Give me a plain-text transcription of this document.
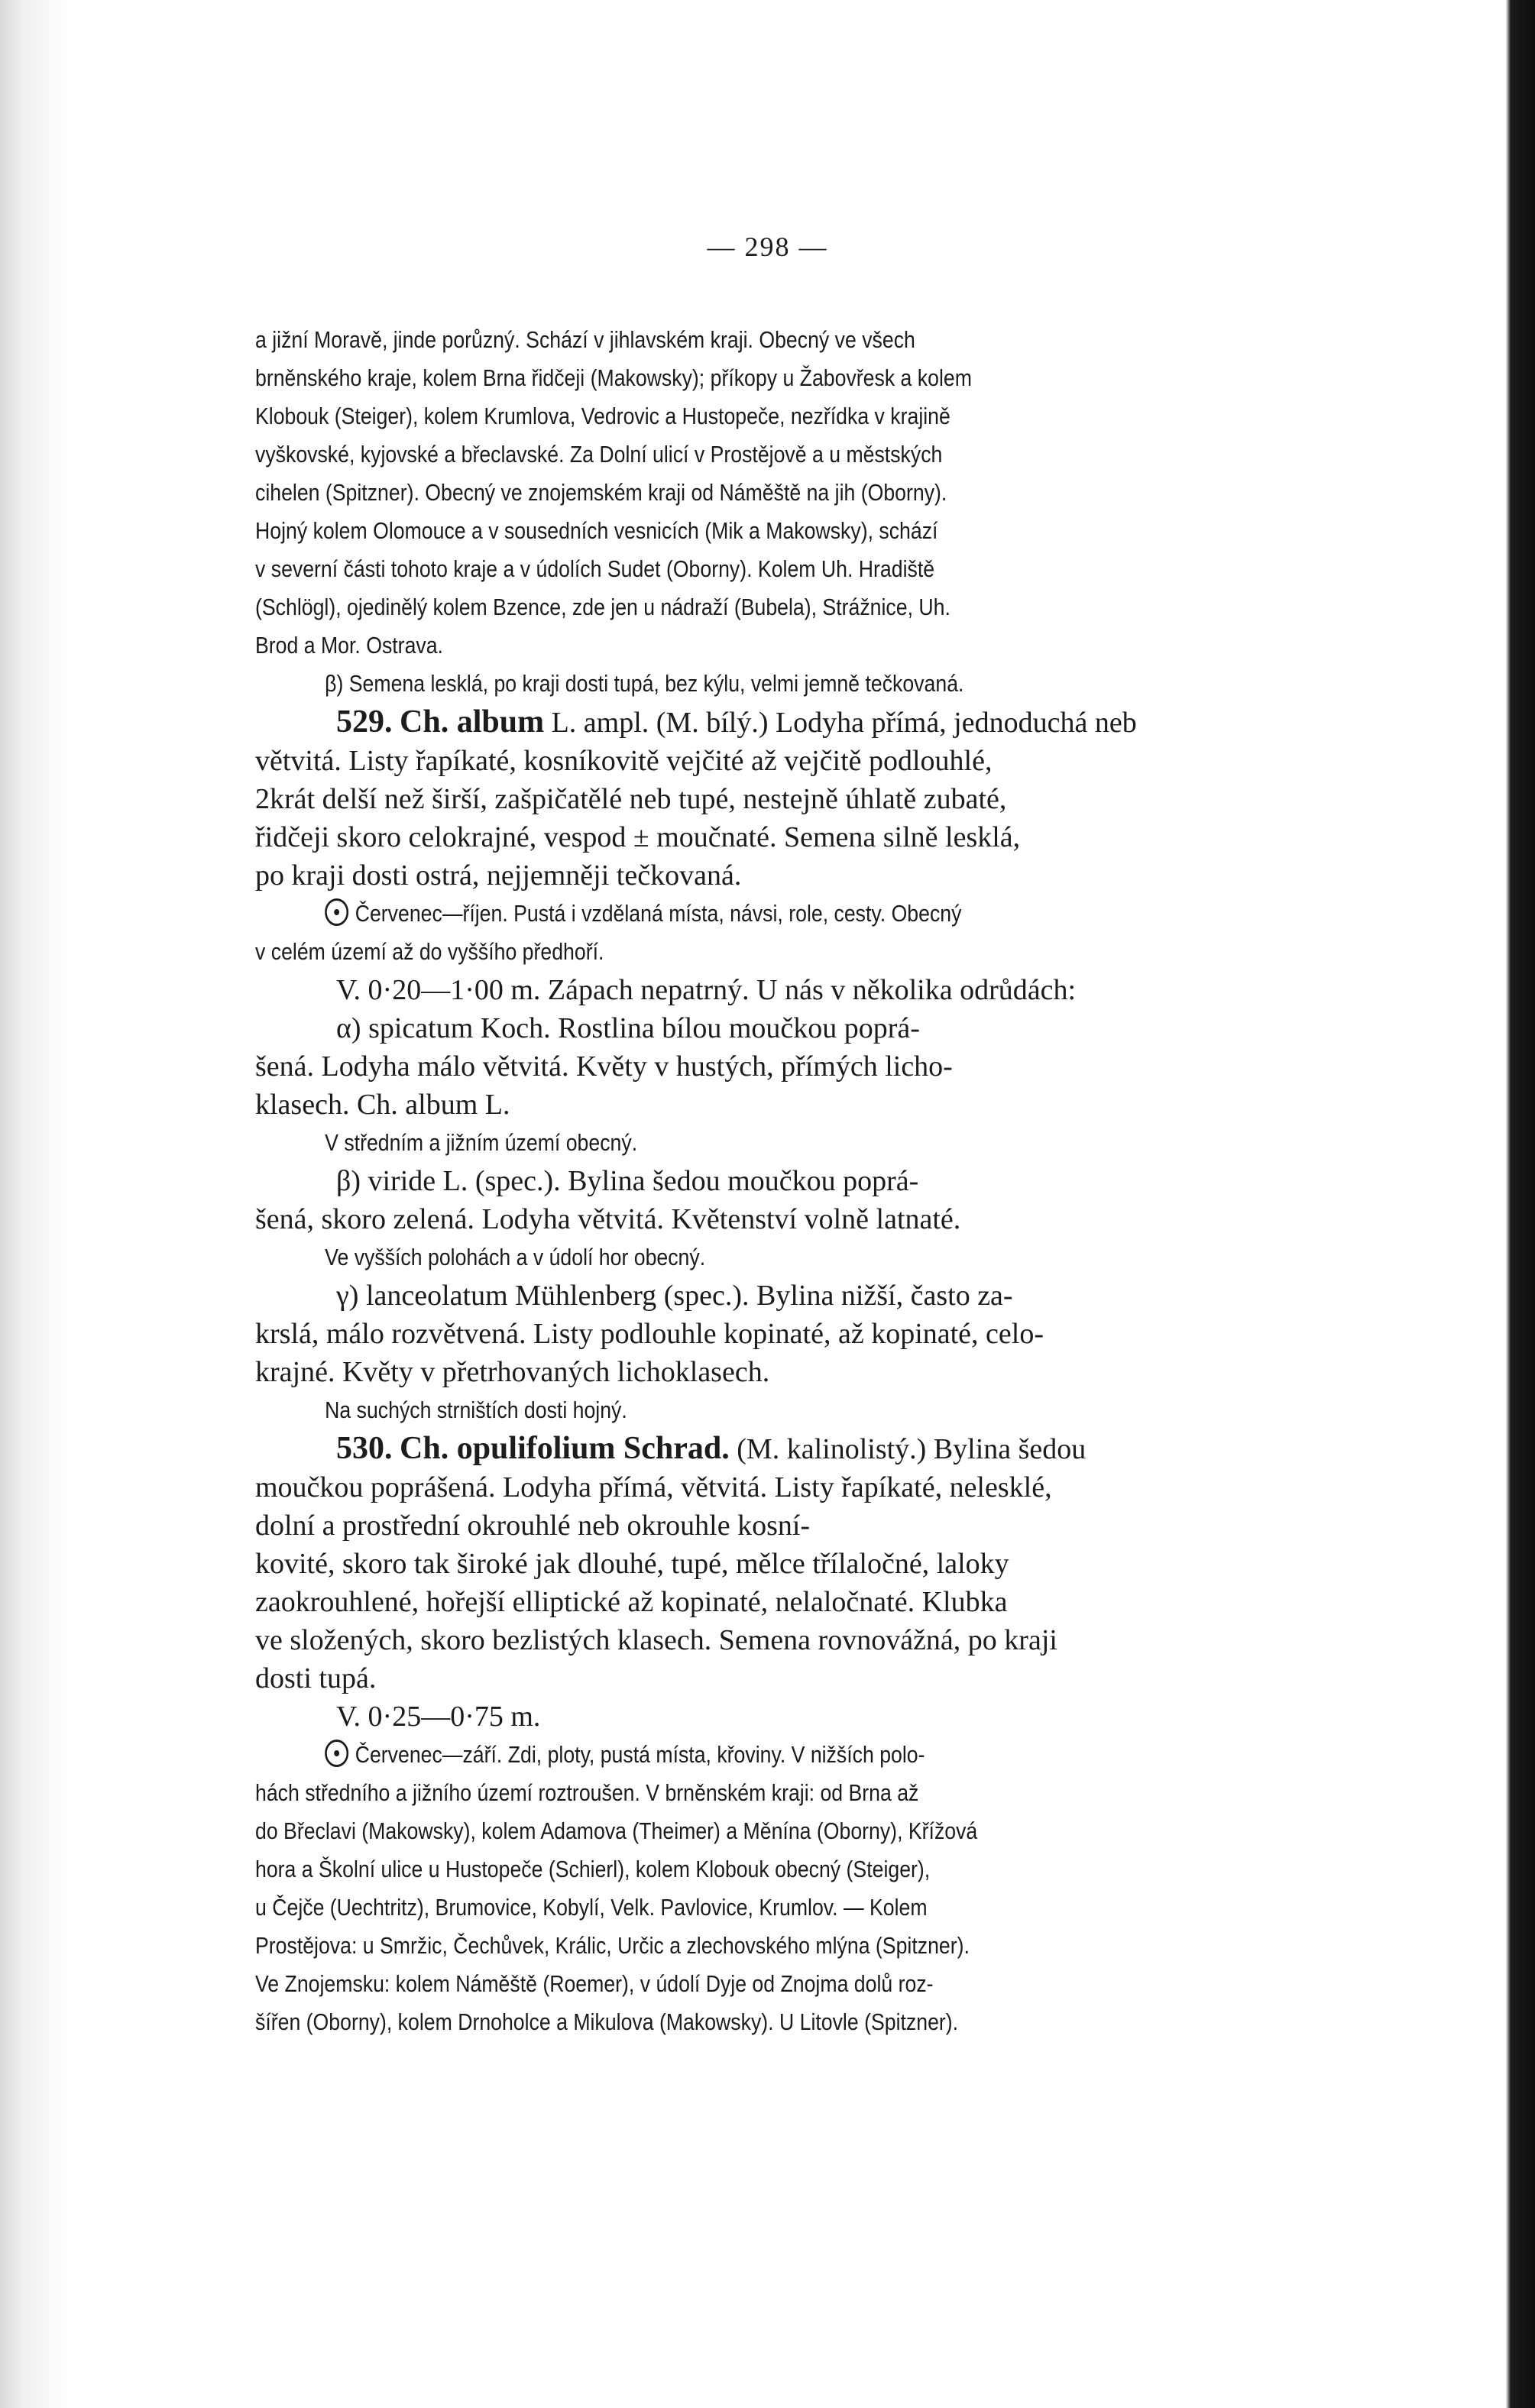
— 298 —
a jižní Moravě, jinde porůzný. Schází v jihlavském kraji. Obecný ve všech
brněnského kraje, kolem Brna řidčeji (Makowsky); příkopy u Žabovřesk a kolem
Klobouk (Steiger), kolem Krumlova, Vedrovic a Hustopeče, nezřídka v krajině
vyškovské, kyjovské a břeclavské. Za Dolní ulicí v Prostějově a u městských
cihelen (Spitzner). Obecný ve znojemském kraji od Náměště na jih (Oborny).
Hojný kolem Olomouce a v sousedních vesnicích (Mik a Makowsky), schází
v severní části tohoto kraje a v údolích Sudet (Oborny). Kolem Uh. Hradiště
(Schlögl), ojedinělý kolem Bzence, zde jen u nádraží (Bubela), Strážnice, Uh.
Brod a Mor. Ostrava.
β) Semena lesklá, po kraji dosti tupá, bez kýlu, velmi jemně tečkovaná.
529. Ch. album L. ampl. (M. bílý.) Lodyha přímá, jednoduchá neb
větvitá. Listy řapíkaté, kosníkovitě vejčité až vejčitě podlouhlé,
2krát delší než širší, zašpičatělé neb tupé, nestejně úhlatě zubaté,
řidčeji skoro celokrajné, vespod ± moučnaté. Semena silně lesklá,
po kraji dosti ostrá, nejjemněji tečkovaná.
Červenec—říjen. Pustá i vzdělaná místa, návsi, role, cesty. Obecný
v celém území až do vyššího předhoří.
V. 0·20—1·00 m. Zápach nepatrný. U nás v několika odrůdách:
α) spicatum Koch. Rostlina bílou moučkou poprá-
šená. Lodyha málo větvitá. Květy v hustých, přímých licho-
klasech. Ch. album L.
V středním a jižním území obecný.
β) viride L. (spec.). Bylina šedou moučkou poprá-
šená, skoro zelená. Lodyha větvitá. Květenství volně latnaté.
Ve vyšších polohách a v údolí hor obecný.
γ) lanceolatum Mühlenberg (spec.). Bylina nižší, často za-
krslá, málo rozvětvená. Listy podlouhle kopinaté, až kopinaté, celo-
krajné. Květy v přetrhovaných lichoklasech.
Na suchých strništích dosti hojný.
530. Ch. opulifolium Schrad. (M. kalinolistý.) Bylina šedou
moučkou poprášená. Lodyha přímá, větvitá. Listy řapíkaté, nelesklé,
dolní a prostřední okrouhlé neb okrouhle kosní-
kovité, skoro tak široké jak dlouhé, tupé, mělce třílaločné, laloky
zaokrouhlené, hořejší elliptické až kopinaté, nelaločnaté. Klubka
ve složených, skoro bezlistých klasech. Semena rovnovážná, po kraji
dosti tupá.
V. 0·25—0·75 m.
Červenec—září. Zdi, ploty, pustá místa, křoviny. V nižších polo-
hách středního a jižního území roztroušen. V brněnském kraji: od Brna až
do Břeclavi (Makowsky), kolem Adamova (Theimer) a Měnína (Oborny), Křížová
hora a Školní ulice u Hustopeče (Schierl), kolem Klobouk obecný (Steiger),
u Čejče (Uechtritz), Brumovice, Kobylí, Velk. Pavlovice, Krumlov. — Kolem
Prostějova: u Smržic, Čechůvek, Králic, Určic a zlechovského mlýna (Spitzner).
Ve Znojemsku: kolem Náměště (Roemer), v údolí Dyje od Znojma dolů roz-
šířen (Oborny), kolem Drnoholce a Mikulova (Makowsky). U Litovle (Spitzner).
